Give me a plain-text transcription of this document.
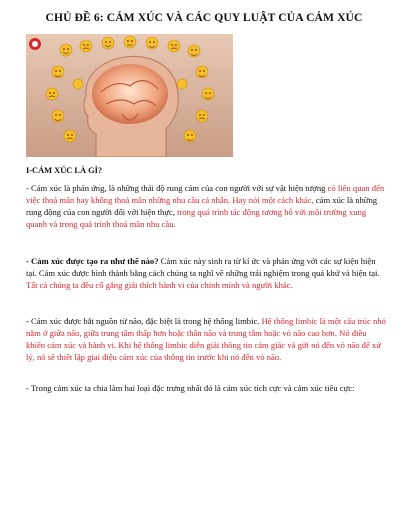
CHỦ ĐỀ 6: CẢM XÚC VÀ CÁC QUY LUẬT CỦA CẢM XÚC
I-CẢM XÚC LÀ GÌ?

- Cảm xúc là phản ứng, là những thái độ rung cảm của con người với sự vật hiện tượng có liên quan đến việc thoả mãn hay không thoả mãn những nhu cầu cá nhân. Hay nói một cách khác, cảm xúc là những rung động của con người đối với hiện thực, trong quá trình tác động tương hỗ với môi trường xung quanh và trong quá trình thoả mãn nhu cầu.

- Cảm xúc được tạo ra như thế nào? Cảm xúc này sinh ra từ kí ức và phản ứng với các sự kiện hiện tại. Cảm xúc được hình thành bằng cách chúng ta nghĩ về những trải nghiệm trong quá khứ và hiện tại. Tất cả chúng ta đều cố gắng giải thích hành vi của chính mình và người khác.

- Cảm xúc được bắt nguồn từ não, đặc biệt là trong hệ thống limbic. Hệ thống limbic là một cấu trúc nhỏ nằm ở giữa não, giữa trung tâm thấp hơn hoặc thân não và trung tâm hoặc vỏ não cao hơn. Nó điều khiển cảm xúc và hành vi. Khi hệ thống limbic diễn giải thông tin cảm giác và gửi nó đến vỏ não để xử lý, nó sẽ thiết lập giai điệu cảm xúc của thông tin trước khi nó đến vỏ não.

- Trong cảm xúc ta chia làm hai loại đặc trưng nhất đó là cảm xúc tích cực và cảm xúc tiêu cực:
